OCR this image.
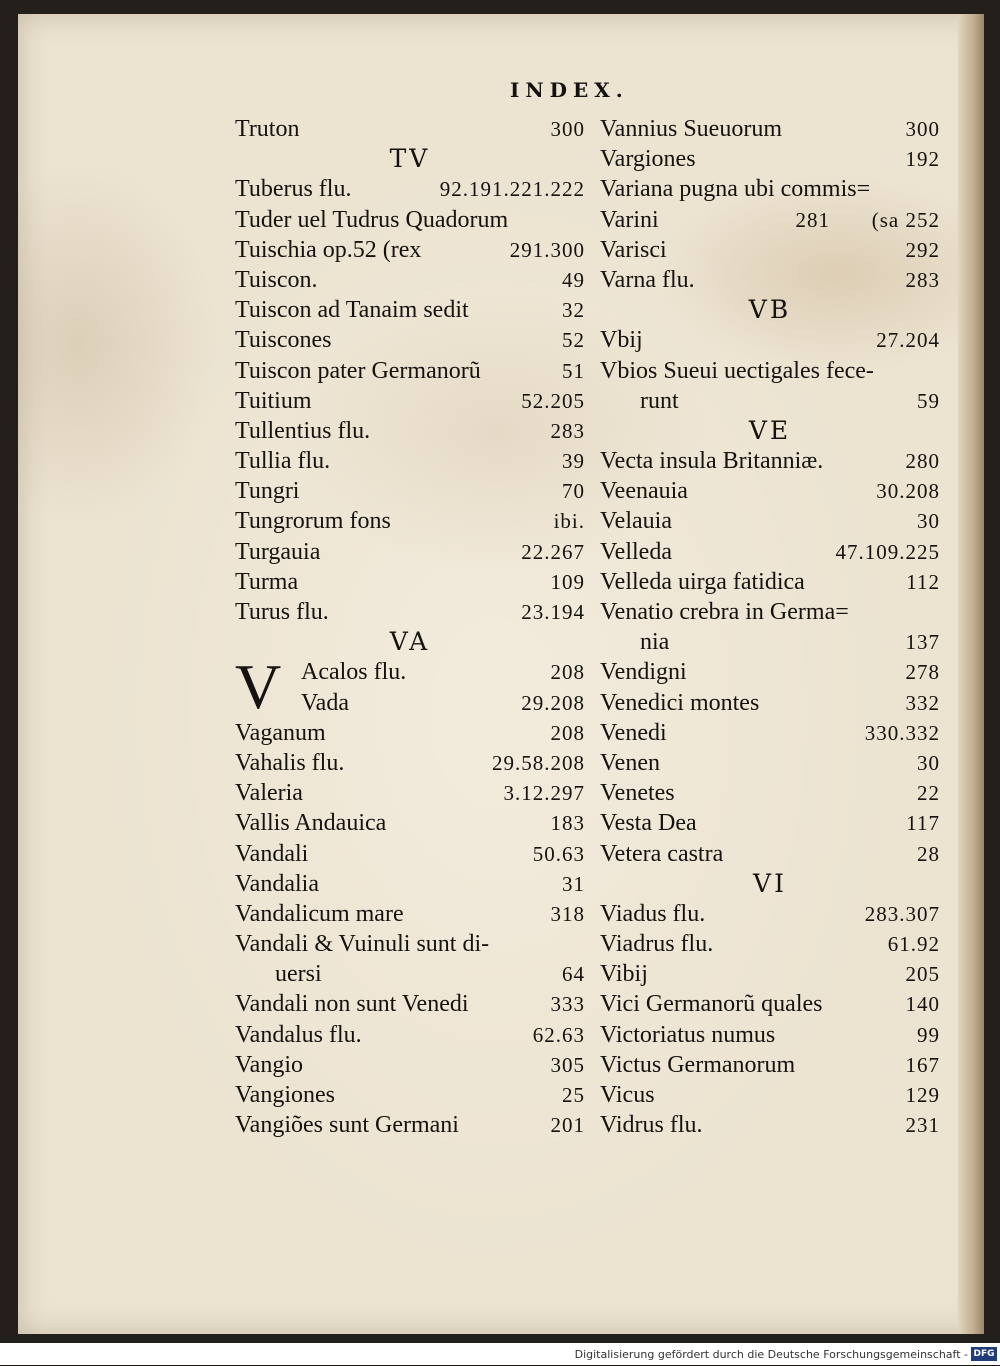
INDEX.
Truton	300
TV
Tuberus flu.	92.191.221.222
Tuder uel Tudrus Quadorum
Tuischia op.52 (rex	291.300
Tuiscon.	49
Tuiscon ad Tanaim sedit	32
Tuiscones	52
Tuiscon pater Germanorũ	51
Tuitium	52.205
Tullentius flu.	283
Tullia flu.	39
Tungri	70
Tungrorum fons	ibi.
Turgauia	22.267
Turma	109
Turus flu.	23.194
VA
V Acalos flu.	208
Vada	29.208
Vaganum	208
Vahalis flu.	29.58.208
Valeria	3.12.297
Vallis Andauica	183
Vandali	50.63
Vandalia	31
Vandalicum mare	318
Vandali & Vuinuli sunt di-
uersi	64
Vandali non sunt Venedi	333
Vandalus flu.	62.63
Vangio	305
Vangiones	25
Vangiões sunt Germani	201
Vannius Sueuorum	300
Vargiones	192
Variana pugna ubi commis=
Varini	281 (sa 252
Varisci	292
Varna flu.	283
VB
Vbij	27.204
Vbios Sueui uectigales fece-
runt	59
VE
Vecta insula Britanniæ.	280
Veenauia	30.208
Velauia	30
Velleda	47.109.225
Velleda uirga fatidica	112
Venatio crebra in Germa=
nia	137
Vendigni	278
Venedici montes	332
Venedi	330.332
Venen	30
Venetes	22
Vesta Dea	117
Vetera castra	28
VI
Viadus flu.	283.307
Viadrus flu.	61.92
Vibij	205
Vici Germanorũ quales	140
Victoriatus numus	99
Victus Germanorum	167
Vicus	129
Vidrus flu.	231
Digitalisierung gefördert durch die Deutsche Forschungsgemeinschaft - DFG
